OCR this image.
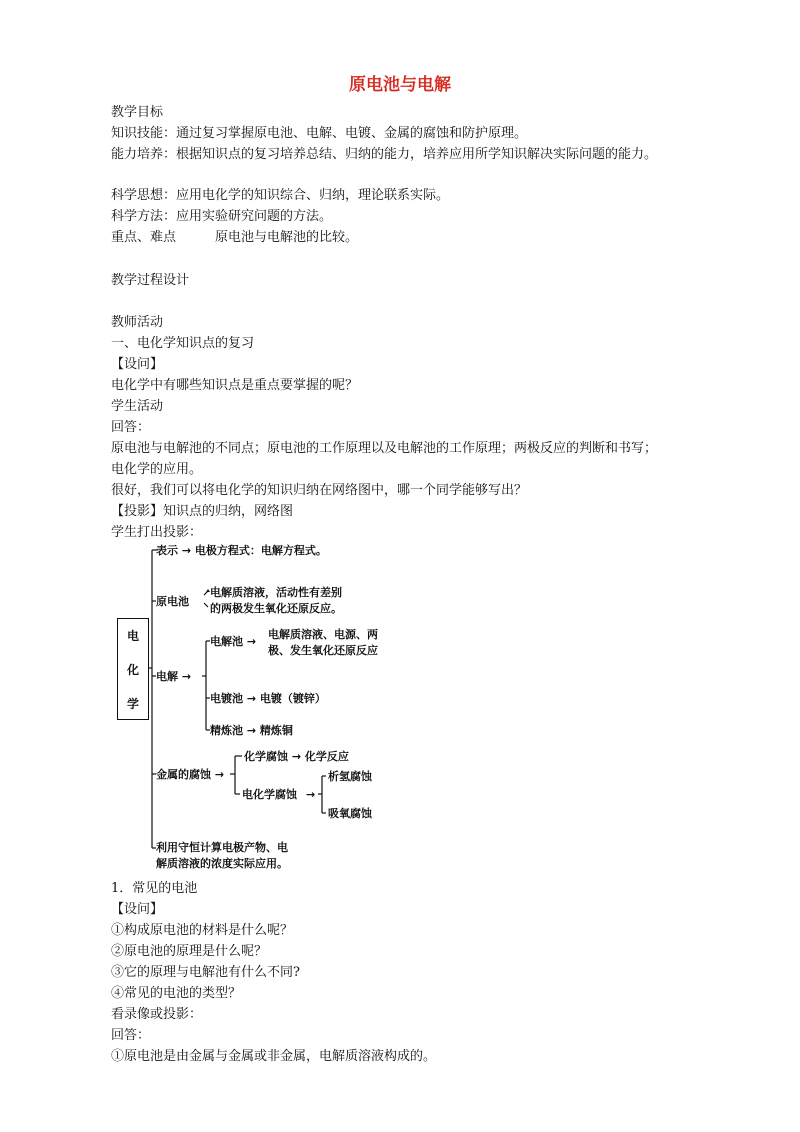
原电池与电解
教学目标
知识技能：通过复习掌握原电池、电解、电镀、金属的腐蚀和防护原理。
能力培养：根据知识点的复习培养总结、归纳的能力，培养应用所学知识解决实际问题的能力。
科学思想：应用电化学的知识综合、归纳，理论联系实际。
科学方法：应用实验研究问题的方法。
重点、难点　　　原电池与电解池的比较。
教学过程设计
教师活动
一、电化学知识点的复习
【设问】
电化学中有哪些知识点是重点要掌握的呢？
学生活动
回答：
原电池与电解池的不同点；原电池的工作原理以及电解池的工作原理；两极反应的判断和书写；
电化学的应用。
很好，我们可以将电化学的知识归纳在网络图中，哪一个同学能够写出？
【投影】知识点的归纳，网络图
学生打出投影：
电
化
学
表示 → 电极方程式：电解方程式。
原电池
电解质溶液，活动性有差别
的两极发生氧化还原反应。
电解 →
电解池 →
电解质溶液、电源、两
极、发生氧化还原反应
电镀池 → 电镀（镀锌）
精炼池 → 精炼铜
金属的腐蚀 →
化学腐蚀 → 化学反应
电化学腐蚀 →
析氢腐蚀
吸氧腐蚀
利用守恒计算电极产物、电
解质溶液的浓度实际应用。
1．常见的电池
【设问】
①构成原电池的材料是什么呢？
②原电池的原理是什么呢？
③它的原理与电解池有什么不同?
④常见的电池的类型？
看录像或投影：
回答：
①原电池是由金属与金属或非金属，电解质溶液构成的。
